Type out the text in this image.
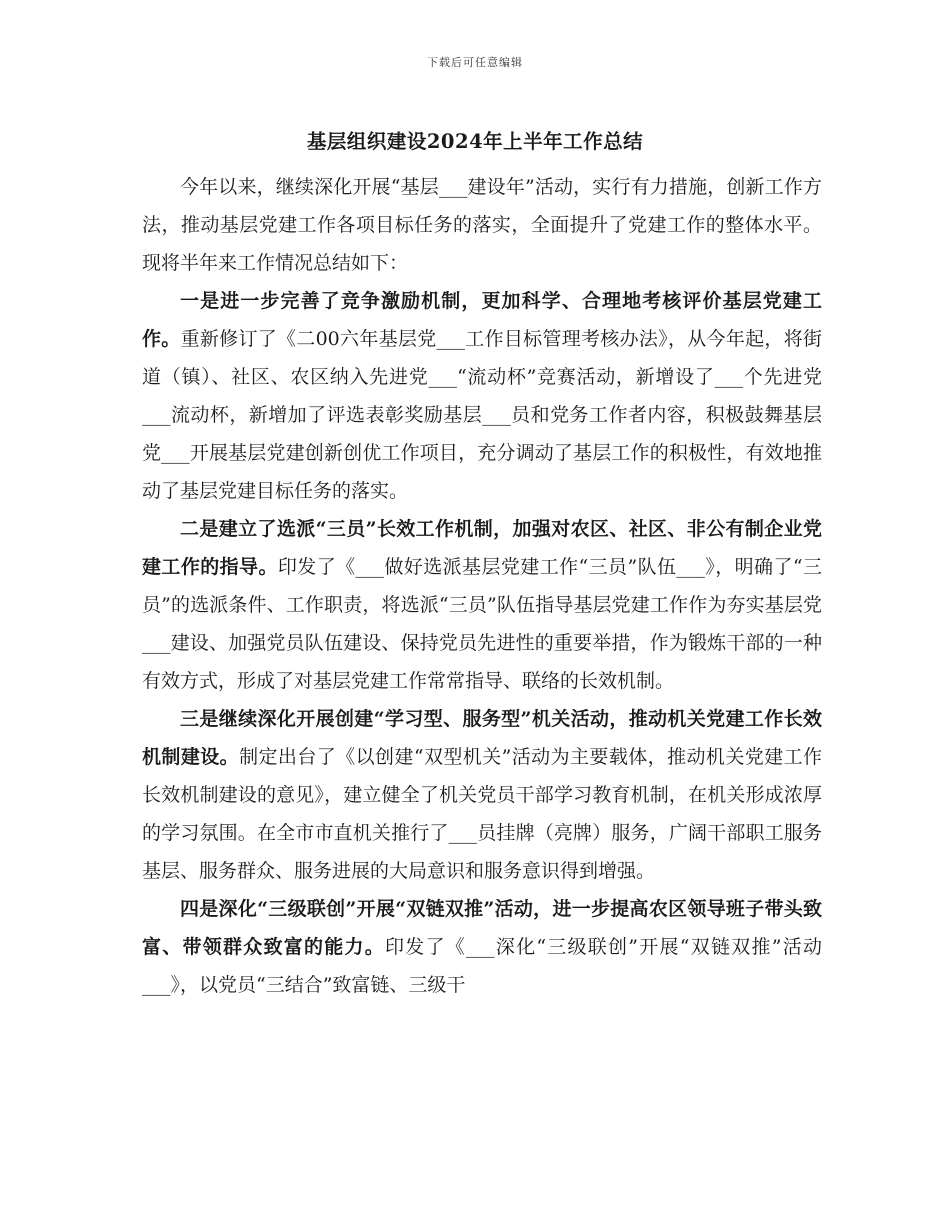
下载后可任意编辑
基层组织建设2024年上半年工作总结

今年以来，继续深化开展“基层___建设年”活动，实行有力措施，创新工作方法，推动基层党建工作各项目标任务的落实，全面提升了党建工作的整体水平。现将半年来工作情况总结如下：

一是进一步完善了竞争激励机制，更加科学、合理地考核评价基层党建工作。重新修订了《二00六年基层党___工作目标管理考核办法》，从今年起，将街道（镇）、社区、农区纳入先进党___“流动杯”竞赛活动，新增设了___个先进党___流动杯，新增加了评选表彰奖励基层___员和党务工作者内容，积极鼓舞基层党___开展基层党建创新创优工作项目，充分调动了基层工作的积极性，有效地推动了基层党建目标任务的落实。

二是建立了选派“三员”长效工作机制，加强对农区、社区、非公有制企业党建工作的指导。印发了《___做好选派基层党建工作“三员”队伍___》，明确了“三员”的选派条件、工作职责，将选派“三员”队伍指导基层党建工作作为夯实基层党___建设、加强党员队伍建设、保持党员先进性的重要举措，作为锻炼干部的一种有效方式，形成了对基层党建工作常常指导、联络的长效机制。

三是继续深化开展创建“学习型、服务型”机关活动，推动机关党建工作长效机制建设。制定出台了《以创建“双型机关”活动为主要载体，推动机关党建工作长效机制建设的意见》，建立健全了机关党员干部学习教育机制，在机关形成浓厚的学习氛围。在全市市直机关推行了___员挂牌（亮牌）服务，广阔干部职工服务基层、服务群众、服务进展的大局意识和服务意识得到增强。

四是深化“三级联创”开展“双链双推”活动，进一步提高农区领导班子带头致富、带领群众致富的能力。印发了《___深化“三级联创”开展“双链双推”活动___》，以党员“三结合”致富链、三级干
